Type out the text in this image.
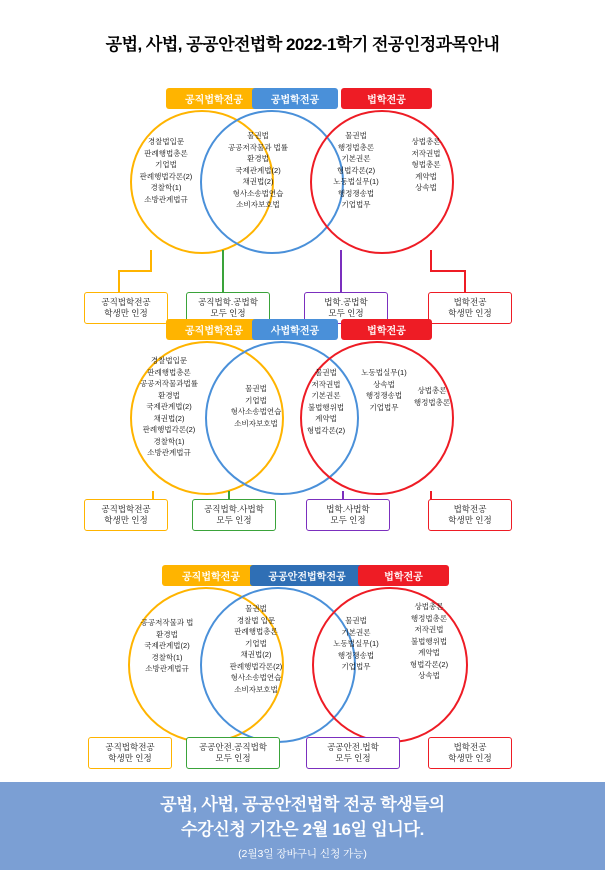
공법, 사법, 공공안전법학 2022-1학기 전공인정과목안내
공직법학전공	공법학전공	법학전공
경찰법입문
판례행법총론
기업법
판례행법각론(2)
경찰학(1)
소방관계법규
물권법
공공저작물과 법률
환경법
국제관계법(2)
채권법(2)
형사소송법연습
소비자보호법
물권법
행정법총론
기본권론
형법각론(2)
노동법실무(1)
행정쟁송법
기업법무
상법총론
저작권법
형법총론
계약법
상속법
공직법학전공
학생만 인정
공직법학.공법학
모두 인정
법학.공법학
모두 인정
법학전공
학생만 인정
공직법학전공	사법학전공	법학전공
경찰법입문
판례행법총론
공공저작물과법률
환경법
국제관계법(2)
채권법(2)
판례행법각론(2)
경찰학(1)
소방관계법규
물권법
기업법
형사소송법연습
소비자보호법
물권법
저작권법
기본권론
불법행위법
계약법
형법각론(2)
노동법실무(1)
상속법
행정쟁송법
기업법무
상법총론
행정법총론
공직법학전공
학생만 인정
공직법학.사법학
모두 인정
법학.사법학
모두 인정
법학전공
학생만 인정
공직법학전공	공공안전법학전공	법학전공
공공저작물과 법
환경법
국제관계법(2)
경찰학(1)
소방관계법규
물권법
경찰법 입문
판례행법총론
기업법
채권법(2)
판례행법각론(2)
형사소송법연습
소비자보호법
물권법
기본권론
노동법실무(1)
행정쟁송법
기업법무
상법총론
행정법총론
저작권법
불법행위법
계약법
형법각론(2)
상속법
공직법학전공
학생만 인정
공공안전.공직법학
모두 인정
공공안전.법학
모두 인정
법학전공
학생만 인정
공법, 사법, 공공안전법학 전공 학생들의
수강신청 기간은 2월 16일 입니다.
(2월3일 장바구니 신청 가능)
